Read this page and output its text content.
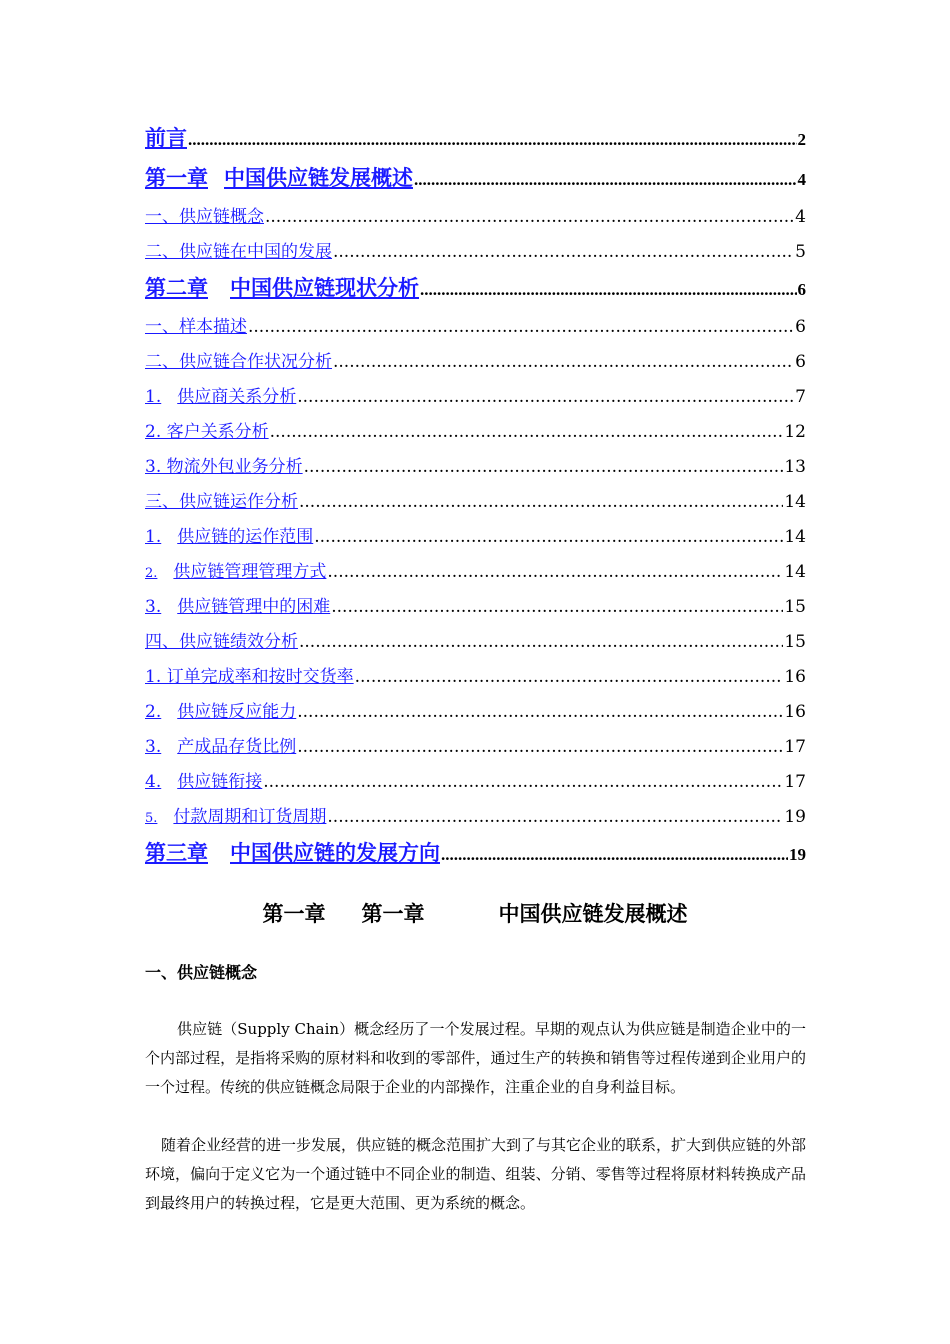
前言 .....	2
第一章 中国供应链发展概述 .....	4
一、供应链概念 .....	4
二、供应链在中国的发展 .....	5
第二章 中国供应链现状分析 .....	6
一、样本描述 .....	6
二、供应链合作状况分析 .....	6
1. 供应商关系分析 .....	7
2. 客户关系分析 .....	12
3. 物流外包业务分析 .....	13
三、供应链运作分析 .....	14
1. 供应链的运作范围 .....	14
2. 供应链管理管理方式 .....	14
3. 供应链管理中的困难 .....	15
四、供应链绩效分析 .....	15
1. 订单完成率和按时交货率 .....	16
2. 供应链反应能力 .....	16
3. 产成品存货比例 .....	17
4. 供应链衔接 .....	17
5. 付款周期和订货周期 .....	19
第三章 中国供应链的发展方向 .....	19
第一章 第一章	中国供应链发展概述
一、供应链概念

供应链（Supply Chain）概念经历了一个发展过程。早期的观点认为供应链是制造企业中的一个内部过程，是指将采购的原材料和收到的零部件，通过生产的转换和销售等过程传递到企业用户的一个过程。传统的供应链概念局限于企业的内部操作，注重企业的自身利益目标。

随着企业经营的进一步发展，供应链的概念范围扩大到了与其它企业的联系，扩大到供应链的外部环境，偏向于定义它为一个通过链中不同企业的制造、组装、分销、零售等过程将原材料转换成产品到最终用户的转换过程，它是更大范围、更为系统的概念。
